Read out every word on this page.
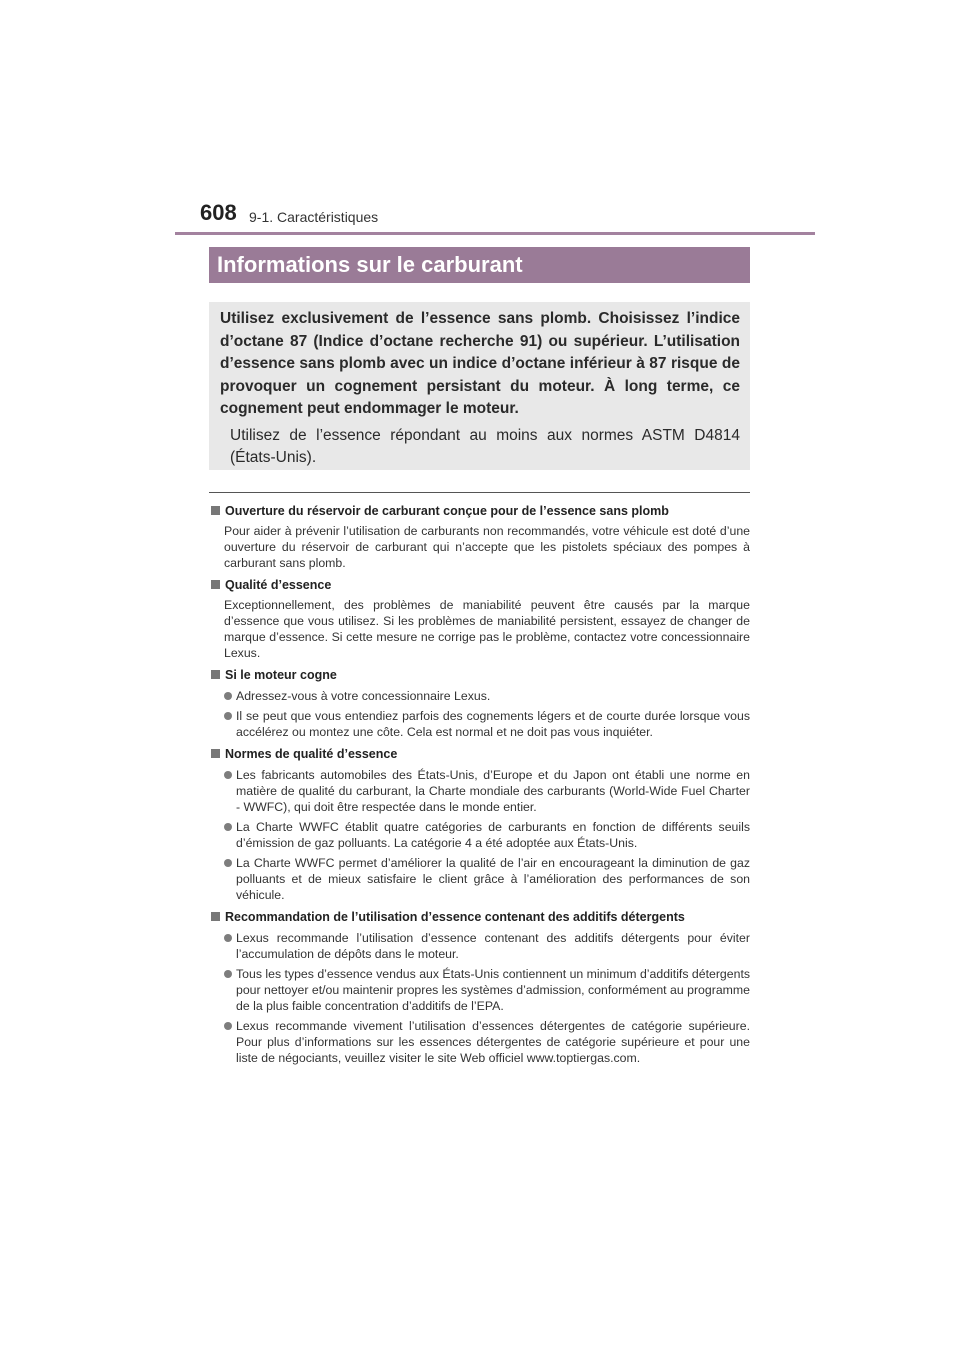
608 9-1. Caractéristiques
Informations sur le carburant

Utilisez exclusivement de l’essence sans plomb. Choisissez l’indice d’octane 87 (Indice d’octane recherche 91) ou supérieur. L’utilisation d’essence sans plomb avec un indice d’octane inférieur à 87 risque de provoquer un cognement persistant du moteur. À long terme, ce cognement peut endommager le moteur.

Utilisez de l’essence répondant au moins aux normes ASTM D4814 (États-Unis).

Ouverture du réservoir de carburant conçue pour de l’essence sans plomb
Pour aider à prévenir l’utilisation de carburants non recommandés, votre véhicule est doté d’une ouverture du réservoir de carburant qui n’accepte que les pistolets spéciaux des pompes à carburant sans plomb.
Qualité d’essence
Exceptionnellement, des problèmes de maniabilité peuvent être causés par la marque d’essence que vous utilisez. Si les problèmes de maniabilité persistent, essayez de changer de marque d’essence. Si cette mesure ne corrige pas le problème, contactez votre concessionnaire Lexus.
Si le moteur cogne
Adressez-vous à votre concessionnaire Lexus.
Il se peut que vous entendiez parfois des cognements légers et de courte durée lorsque vous accélérez ou montez une côte. Cela est normal et ne doit pas vous inquiéter.
Normes de qualité d’essence
Les fabricants automobiles des États-Unis, d’Europe et du Japon ont établi une norme en matière de qualité du carburant, la Charte mondiale des carburants (World-Wide Fuel Charter - WWFC), qui doit être respectée dans le monde entier.
La Charte WWFC établit quatre catégories de carburants en fonction de différents seuils d’émission de gaz polluants. La catégorie 4 a été adoptée aux États-Unis.
La Charte WWFC permet d’améliorer la qualité de l’air en encourageant la diminution de gaz polluants et de mieux satisfaire le client grâce à l’amélioration des performances de son véhicule.
Recommandation de l’utilisation d’essence contenant des additifs détergents
Lexus recommande l’utilisation d’essence contenant des additifs détergents pour éviter l’accumulation de dépôts dans le moteur.
Tous les types d’essence vendus aux États-Unis contiennent un minimum d’additifs détergents pour nettoyer et/ou maintenir propres les systèmes d’admission, conformément au programme de la plus faible concentration d’additifs de l’EPA.
Lexus recommande vivement l’utilisation d’essences détergentes de catégorie supérieure. Pour plus d’informations sur les essences détergentes de catégorie supérieure et pour une liste de négociants, veuillez visiter le site Web officiel www.toptiergas.com.
